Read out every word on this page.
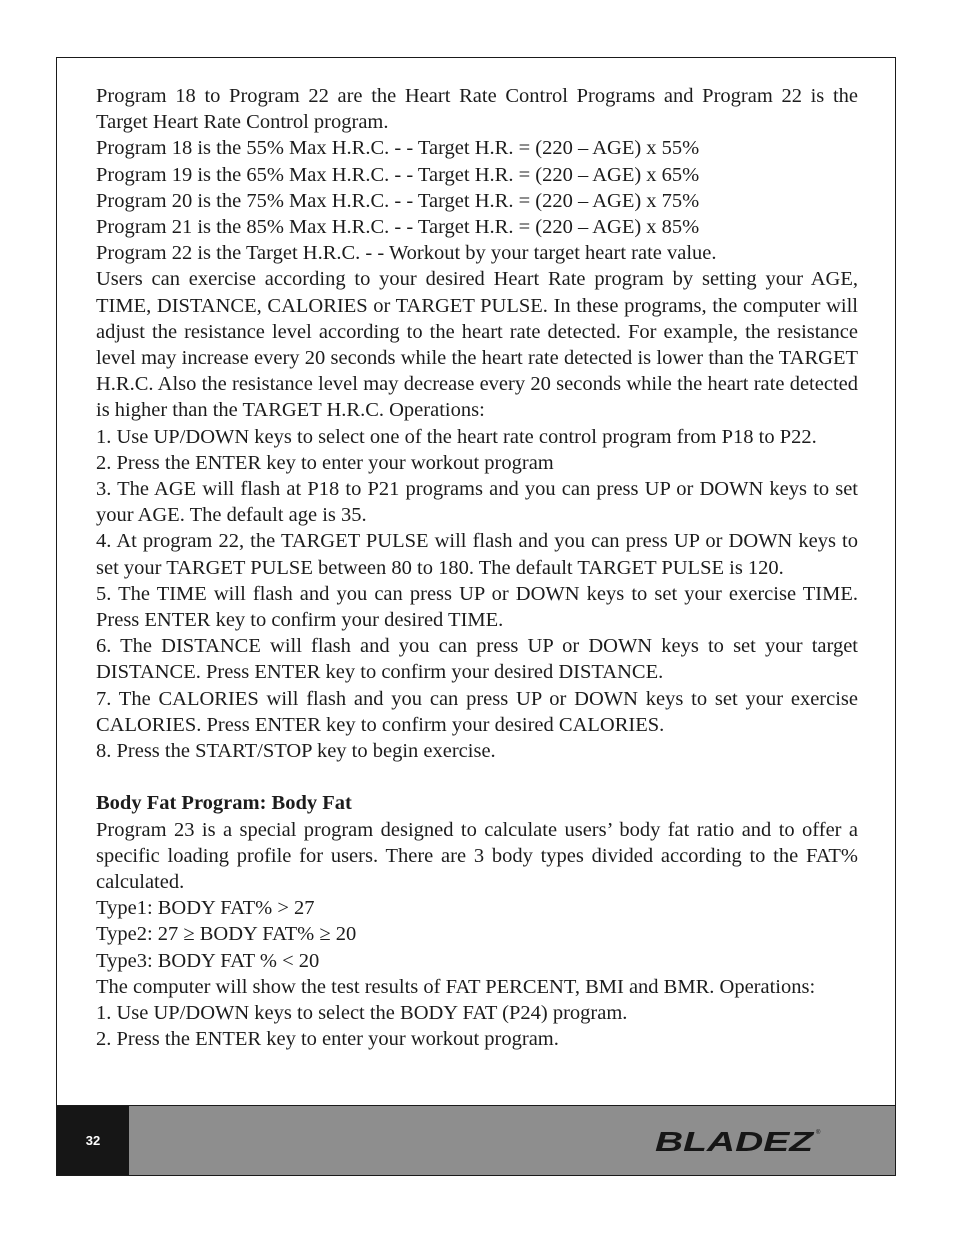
Program 18 to Program 22 are the Heart Rate Control Programs and Program 22 is the Target Heart Rate Control program.

Program 18 is the 55% Max H.R.C. - - Target H.R. = (220 – AGE) x 55%

Program 19 is the 65% Max H.R.C. - - Target H.R. = (220 – AGE) x 65%

Program 20 is the 75% Max H.R.C. - - Target H.R. = (220 – AGE) x 75%

Program 21 is the 85% Max H.R.C. - - Target H.R. = (220 – AGE) x 85%

Program 22 is the Target H.R.C. - - Workout by your target heart rate value.

Users can exercise according to your desired Heart Rate program by setting your AGE, TIME, DISTANCE, CALORIES or TARGET PULSE. In these programs, the computer will adjust the resistance level according to the heart rate detected. For example, the resistance level may increase every 20 seconds while the heart rate detected is lower than the TARGET H.R.C. Also the resistance level may decrease every 20 seconds while the heart rate detected is higher than the TARGET H.R.C. Operations:

1. Use UP/DOWN keys to select one of the heart rate control program from P18 to P22.

2. Press the ENTER key to enter your workout program

3. The AGE will flash at P18 to P21 programs and you can press UP or DOWN keys to set your AGE. The default age is 35.

4. At program 22, the TARGET PULSE will flash and you can press UP or DOWN keys to set your TARGET PULSE between 80 to 180. The default TARGET PULSE is 120.

5. The TIME will flash and you can press UP or DOWN keys to set your exercise TIME. Press ENTER key to confirm your desired TIME.

6. The DISTANCE will flash and you can press UP or DOWN keys to set your target DISTANCE. Press ENTER key to confirm your desired DISTANCE.

7. The CALORIES will flash and you can press UP or DOWN keys to set your exercise CALORIES. Press ENTER key to confirm your desired CALORIES.

8. Press the START/STOP key to begin exercise.

Body Fat Program: Body Fat

Program 23 is a special program designed to calculate users’ body fat ratio and to offer a specific loading profile for users. There are 3 body types divided according to the FAT% calculated.

Type1: BODY FAT% > 27

Type2: 27 ≥ BODY FAT% ≥ 20

Type3: BODY FAT % < 20

The computer will show the test results of FAT PERCENT, BMI and BMR. Operations:

1. Use UP/DOWN keys to select the BODY FAT (P24) program.

2. Press the ENTER key to enter your workout program.

32	BLADEZ ®
